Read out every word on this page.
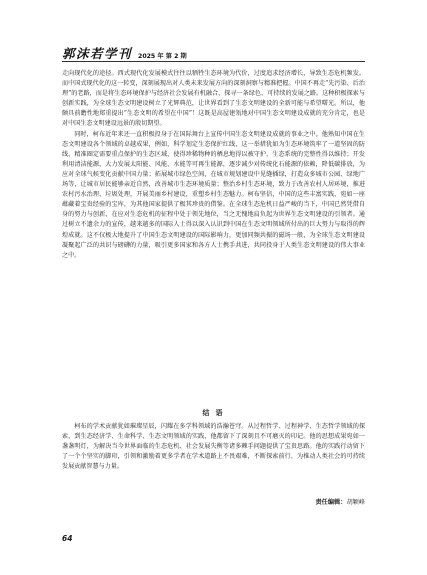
郭沫若学刊 2025 年 第 2 期

走向现代化的途径。西式现代化发展模式往往以牺牲生态环境为代价，过度追求经济增长，导致生态危机频发。而中国式现代化的这一转变，深刻展现出对人类未来发展方向的深刻洞察与精准把握。中国不再走“先污染、后治理”的老路，而是将生态环境保护与经济社会发展有机融合，探寻一条绿色、可持续的发展之路。这种积极探索与创新实践，为全球生态文明建设树立了光辉典范，让世界看到了生态文明建设的全新可能与希望曙光。所以，他颇具前瞻性地郑重提出“生态文明的希望在中国”！这既是高屋建瓴地对中国生态文明建设成就的充分肯定，也是对中国生态文明建设远景的殷切期望。

同时，柯布近年来还一直积极投身于在国际舞台上宣传中国生态文明建设成就的事业之中。他熟知中国在生态文明建设各个领域的卓越成果，例如，科学划定生态保护红线，这一举措犹如为生态环境筑牢了一道坚固的防线，精准圈定需要重点保护的生态区域，使得珍稀物种的栖息地得以被守护，生态系统的完整性得以维持；开发利用清洁能源，大力发展太阳能、风能、水能等可再生能源，逐步减少对传统化石能源的依赖，降低碳排放，为应对全球气候变化贡献中国力量；拓展城市绿色空间，在城市规划建设中见缝插绿，打造众多城市公园、绿地广场等，让城市居民能够亲近自然，改善城市生态环境质量；整治乡村生态环境，致力于改善农村人居环境，推进农村污水治理、垃圾处理，开展美丽乡村建设，重塑乡村生态魅力。柯布坚信，中国的这些丰富实践，宛如一座蕴藏着宝贵经验的宝库，为其他国家提供了极其珍贵的借鉴。在全球生态危机日益严峻的当下，中国已然凭借自身的努力与创新，在应对生态危机的征程中处于领先地位，当之无愧地肩负起为世界生态文明建设的引领者。通过树立不遗余力的宣传，越来越多的国际人士得以深入认识到中国在生态文明领域所付出的巨大努力与取得的辉煌成就。这不仅极大地提升了中国生态文明建设的国际影响力，更加同频共振的磁场一般，为全球生态文明建设凝聚起广泛的共识与磅礴的力量，吸引更多国家和各方人士携手共进，共同投身于人类生态文明建设的伟大事业之中。

结 语

柯布的学术贡献犹如璀璨星辰，闪耀在多学科领域的浩瀚苍穹。从过程哲学、过程神学、生态哲学领域的探索，到生态经济学、生命科学、生态文明领域的实践，他都留下了深刻且不可磨灭的印记。他的思想成果宛如一盏盏明灯，为解决当今世界面临的生态危机、社会发展失衡等诸多棘手问题提供了宝贵思路。他的实践行动留下了一个个坚实的脚印，引领和激励着更多学者在学术道路上不畏艰难，不断探索前行，为推动人类社会的可持续发展贡献智慧与力量。

责任编辑：胡颖峰
64
